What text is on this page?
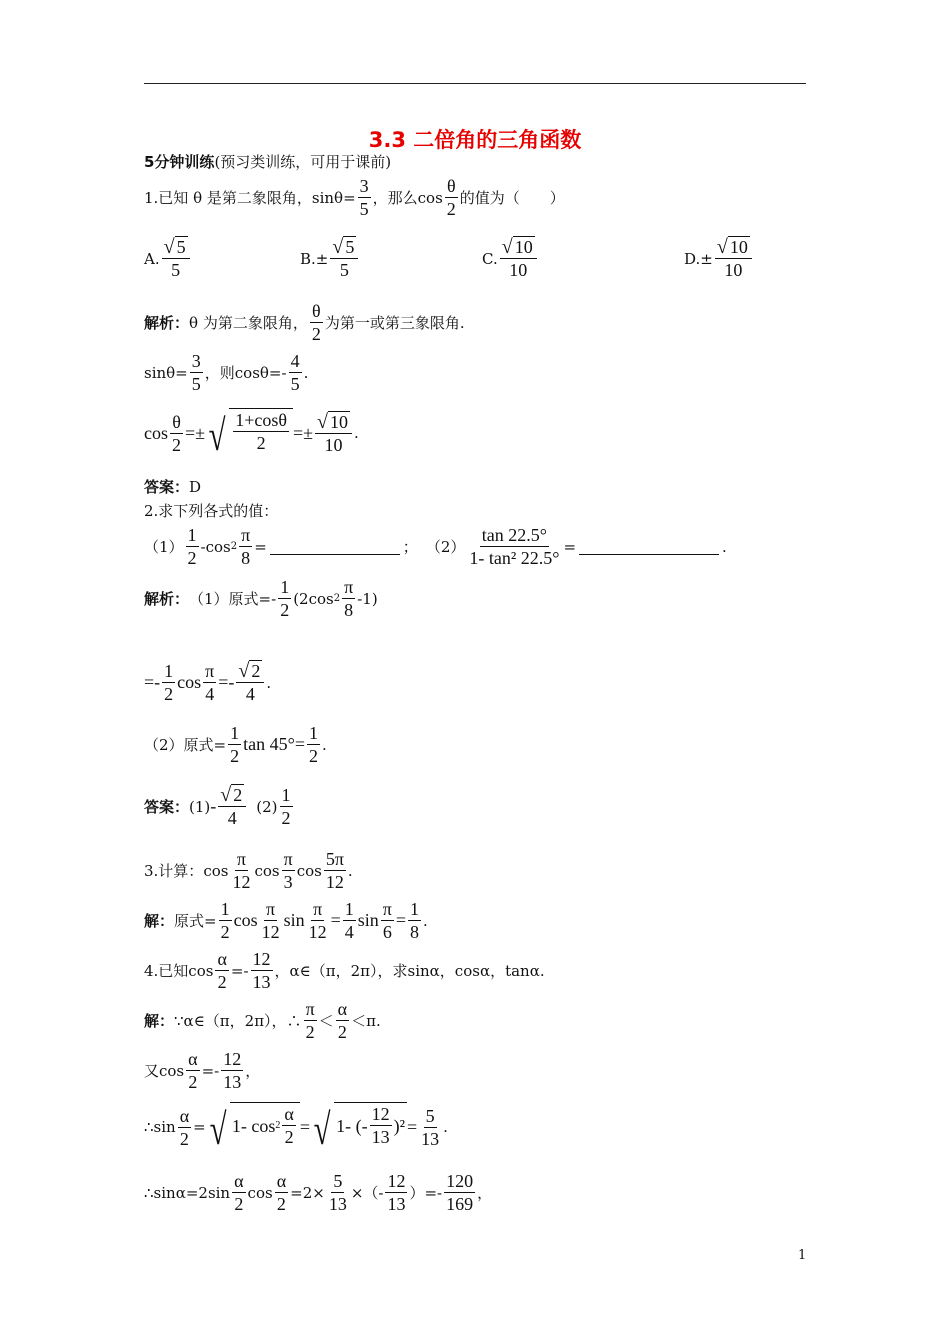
3.3 二倍角的三角函数
5分钟训练 (预习类训练，可用于课前)
1.已知 θ 是第二象限角，$\sin\theta= \frac{3}{5}$ ，那么$\cos \frac{\theta}{2}$ 的值为（　　）
A. $\frac{√ 5}{5}$	$B.\pm \frac{√ 5}{5}$	C. $\frac{√ 10}{10}$	$D.\pm \frac{√ 10}{10}$
解析： θ 为第二象限角， $\frac{\theta}{2}$ 为第一或第三象限角.
$\sin\theta= \frac{3}{5}$ ，则$\cos\theta=- \frac{4}{5}$ .
$\cos \frac{\theta}{2}$ =± √ $\frac{1+\cos\theta}{2} =\pm \frac{√ 10}{10}$ .
答案： D
2.求下列各式的值：
$(1) \frac{1}{2} -\cos$ $2 \frac{\pi}{8}$ =	； $(2) \frac{\tan 22.5^\circ}{\text{1- tan² 22.5°}}$ =	.
解析： （1）原式=- $\frac{1}{2} (2\cos$ $2 \frac{\pi}{8} -1$)
=- $\frac{1}{2}$ $\cos \frac{\pi}{4} =- \frac{√ 2}{4}$ .
（2）原式= $\frac{1}{2}$ $\tan 45^\circ = \frac{1}{2}$ .
答案： $(1) - \frac{√ 2}{4} (2) \frac{1}{2}$
3.计算： $\cos \frac{\pi}{12}$ $\cos \frac{\pi}{3}$ $\cos \frac{5\pi}{12}$ .
解： 原式= $\frac{1}{2}$ $\cos \frac{\pi}{12}$ $\sin \frac{\pi}{12} = \frac{1}{4}$ $\sin \frac{\pi}{6} = \frac{1}{8}$ .
4.已知$\cos \frac{\alpha}{2} =- \frac{12}{13}$ ，α∈（π，2π），求sinα，cosα，tanα.
解： ∵α∈（π，2π），∴ $\frac{\pi}{2} < \frac{\alpha}{2} <\pi$.
又$\cos \frac{\alpha}{2} =- \frac{12}{13}$ ，
∴sin $\frac{\alpha}{2}$ = √ 1- $\cos 2 \frac{\alpha}{2}$ = √ 1- (- $\frac{12}{13} )^2 = \frac{5}{13}$ .
∴sinα=2sin $\frac{\alpha}{2}$ $\cos \frac{\alpha}{2} =2\times \frac{5}{13}$ ×（- $\frac{12}{13}$ ）=- $\frac{120}{169}$ ，
1
